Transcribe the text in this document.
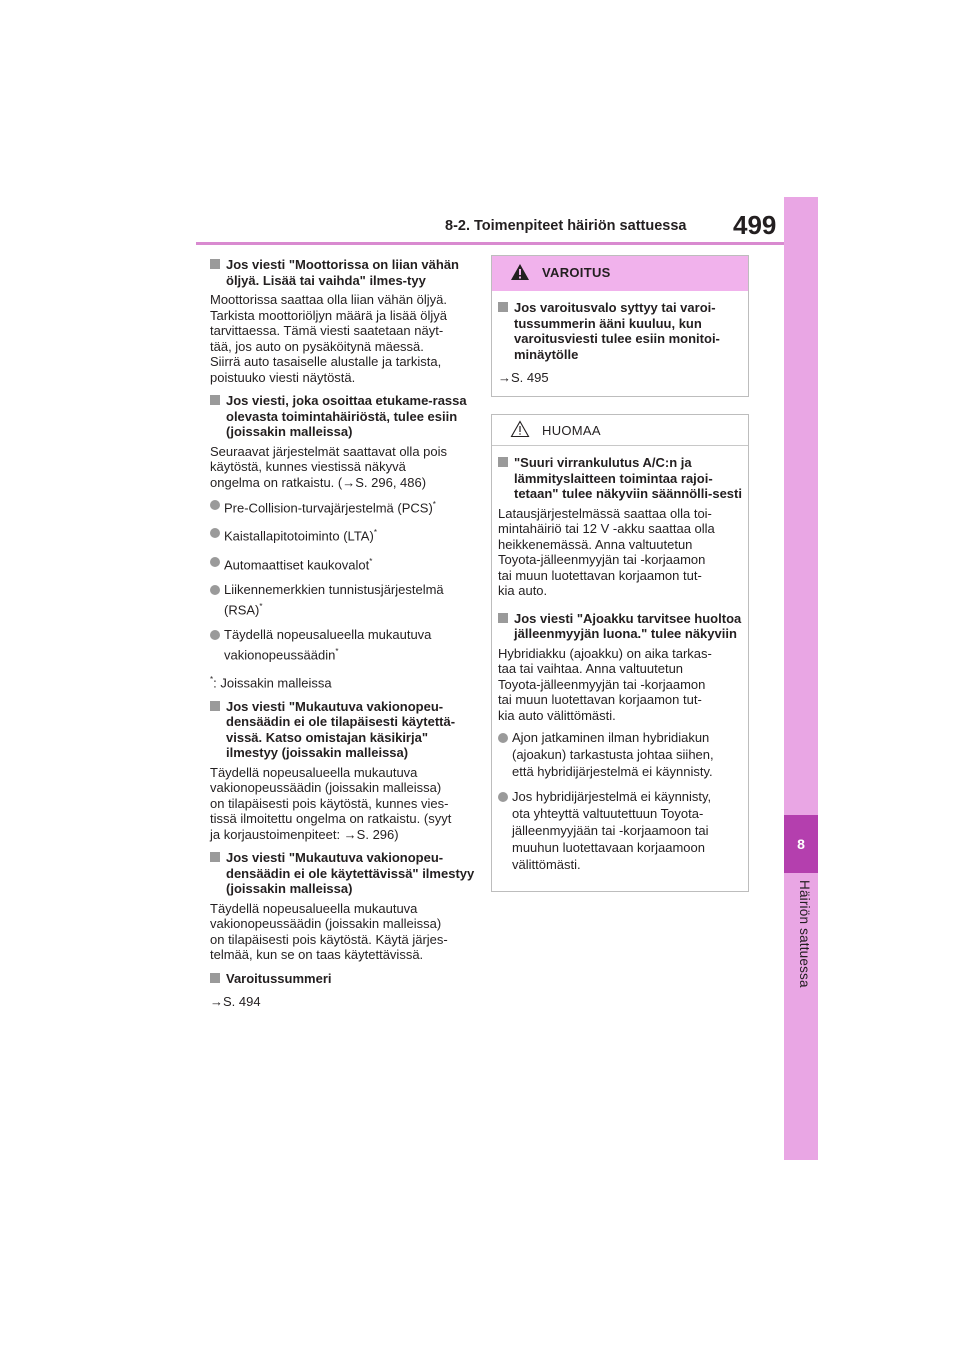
8-2. Toimenpiteet häiriön sattuessa 499
8
Häiriön sattuessa
Jos viesti "Moottorissa on liian vähän öljyä. Lisää tai vaihda" ilmes-tyy
Moottorissa saattaa olla liian vähän öljyä.
Tarkista moottoriöljyn määrä ja lisää öljyä
tarvittaessa. Tämä viesti saatetaan näyt-
tää, jos auto on pysäköitynä mäessä.
Siirrä auto tasaiselle alustalle ja tarkista,
poistuuko viesti näytöstä.
Jos viesti, joka osoittaa etukame-rassa olevasta toimintahäiriöstä, tulee esiin (joissakin malleissa)
Seuraavat järjestelmät saattavat olla pois
käytöstä, kunnes viestissä näkyvä
ongelma on ratkaistu. (→S. 296, 486)
Pre-Collision-turvajärjestelmä (PCS)*
Kaistallapitotoiminto (LTA)*
Automaattiset kaukovalot*
Liikennemerkkien tunnistusjärjestelmä
(RSA)*
Täydellä nopeusalueella mukautuva
vakionopeussäädin*
*: Joissakin malleissa
Jos viesti "Mukautuva vakionopeu-densäädin ei ole tilapäisesti käytettä-vissä. Katso omistajan käsikirja" ilmestyy (joissakin malleissa)
Täydellä nopeusalueella mukautuva
vakionopeussäädin (joissakin malleissa)
on tilapäisesti pois käytöstä, kunnes vies-
tissä ilmoitettu ongelma on ratkaistu. (syyt
ja korjaustoimenpiteet: →S. 296)
Jos viesti "Mukautuva vakionopeu-densäädin ei ole käytettävissä" ilmestyy (joissakin malleissa)
Täydellä nopeusalueella mukautuva
vakionopeussäädin (joissakin malleissa)
on tilapäisesti pois käytöstä. Käytä järjes-
telmää, kun se on taas käytettävissä.
Varoitussummeri
→S. 494
VAROITUS
Jos varoitusvalo syttyy tai varoi-tussummerin ääni kuuluu, kun varoitusviesti tulee esiin monitoi-minäytölle
→S. 495
HUOMAA
"Suuri virrankulutus A/C:n ja lämmityslaitteen toimintaa rajoi-tetaan" tulee näkyviin säännölli-sesti
Latausjärjestelmässä saattaa olla toi-
mintahäiriö tai 12 V -akku saattaa olla
heikkenemässä. Anna valtuutetun
Toyota-jälleenmyyjän tai -korjaamon
tai muun luotettavan korjaamon tut-
kia auto.
Jos viesti "Ajoakku tarvitsee huoltoa jälleenmyyjän luona." tulee näkyviin
Hybridiakku (ajoakku) on aika tarkas-
taa tai vaihtaa. Anna valtuutetun
Toyota-jälleenmyyjän tai -korjaamon
tai muun luotettavan korjaamon tut-
kia auto välittömästi.
Ajon jatkaminen ilman hybridiakun
(ajoakun) tarkastusta johtaa siihen,
että hybridijärjestelmä ei käynnisty.
Jos hybridijärjestelmä ei käynnisty,
ota yhteyttä valtuutettuun Toyota-
jälleenmyyjään tai -korjaamoon tai
muuhun luotettavaan korjaamoon
välittömästi.
